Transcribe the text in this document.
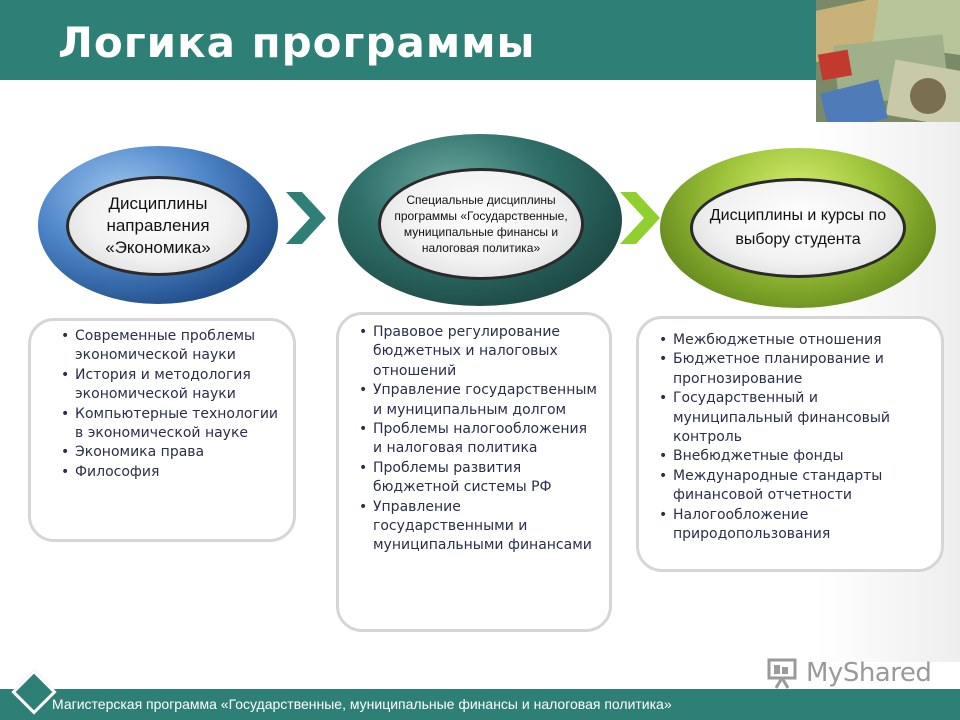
Логика программы
Дисциплины направления «Экономика»
Специальные дисциплины программы «Государственные, муниципальные финансы и налоговая политика»
Дисциплины и курсы по выбору студента
• Современные проблемы экономической науки
• История и методология экономической науки
• Компьютерные технологии в экономической науке
• Экономика права
• Философия
• Правовое регулирование бюджетных и налоговых отношений
• Управление государственным и муниципальным долгом
• Проблемы налогообложения и налоговая политика
• Проблемы развития бюджетной системы РФ
• Управление государственными и муниципальными финансами
• Межбюджетные отношения
• Бюджетное планирование и прогнозирование
• Государственный и муниципальный финансовый контроль
• Внебюджетные фонды
• Международные стандарты финансовой отчетности
• Налогообложение природопользования
MyShared
Магистерская программа «Государственные, муниципальные финансы и налоговая политика»
